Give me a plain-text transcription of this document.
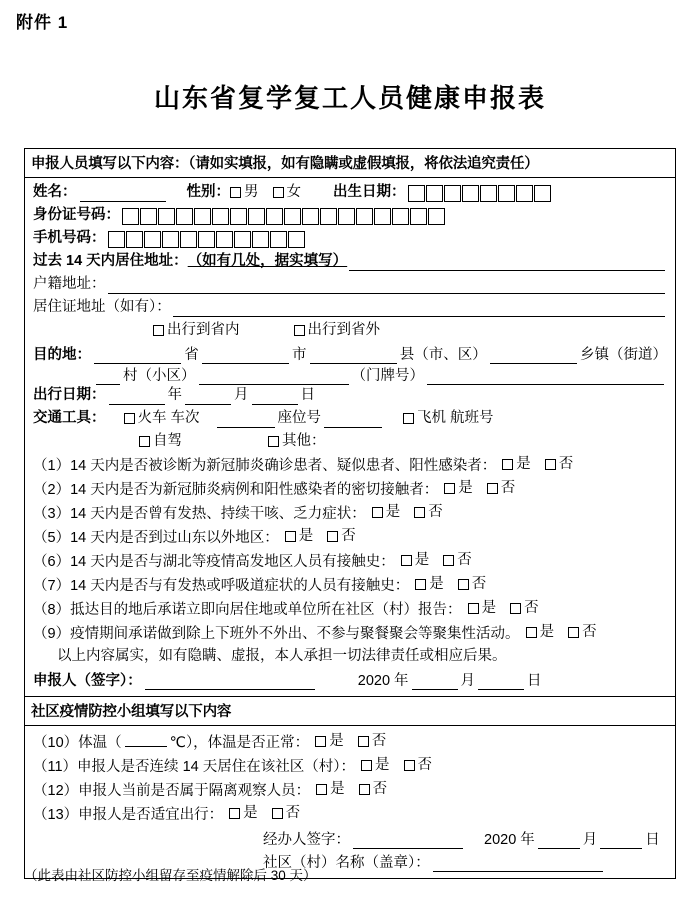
附件 1
山东省复学复工人员健康申报表
申报人员填写以下内容：（请如实填报，如有隐瞒或虚假填报，将依法追究责任）
姓名：	性别： 男 女 出生日期：
身份证号码：
手机号码：
过去 14 天内居住地址： （如有几处，据实填写）
户籍地址：
居住证地址（如有）：
出行到省内	出行到省外
目的地：	省	市	县（市、区）	乡镇（街道）
村（小区）	（门牌号）
出行日期：	年	月	日
交通工具： 火车 车次	座位号	飞机 航班号
自驾	其他：
（1）14 天内是否被诊断为新冠肺炎确诊患者、疑似患者、阳性感染者： 是 否
（2）14 天内是否为新冠肺炎病例和阳性感染者的密切接触者： 是 否
（3）14 天内是否曾有发热、持续干咳、乏力症状： 是 否
（5）14 天内是否到过山东以外地区： 是 否
（6）14 天内是否与湖北等疫情高发地区人员有接触史： 是 否
（7）14 天内是否与有发热或呼吸道症状的人员有接触史： 是 否
（8）抵达目的地后承诺立即向居住地或单位所在社区（村）报告： 是 否
（9）疫情期间承诺做到除上下班外不外出、不参与聚餐聚会等聚集性活动。 是 否
以上内容属实，如有隐瞒、虚报，本人承担一切法律责任或相应后果。
申报人（签字）：	2020 年	月	日
社区疫情防控小组填写以下内容
（10）体温（	℃），体温是否正常： 是 否
（11）申报人是否连续 14 天居住在该社区（村）： 是 否
（12）申报人当前是否属于隔离观察人员： 是 否
（13）申报人是否适宜出行： 是 否
经办人签字：	2020 年	月	日
社区（村）名称（盖章）：
（此表由社区防控小组留存至疫情解除后 30 天）
